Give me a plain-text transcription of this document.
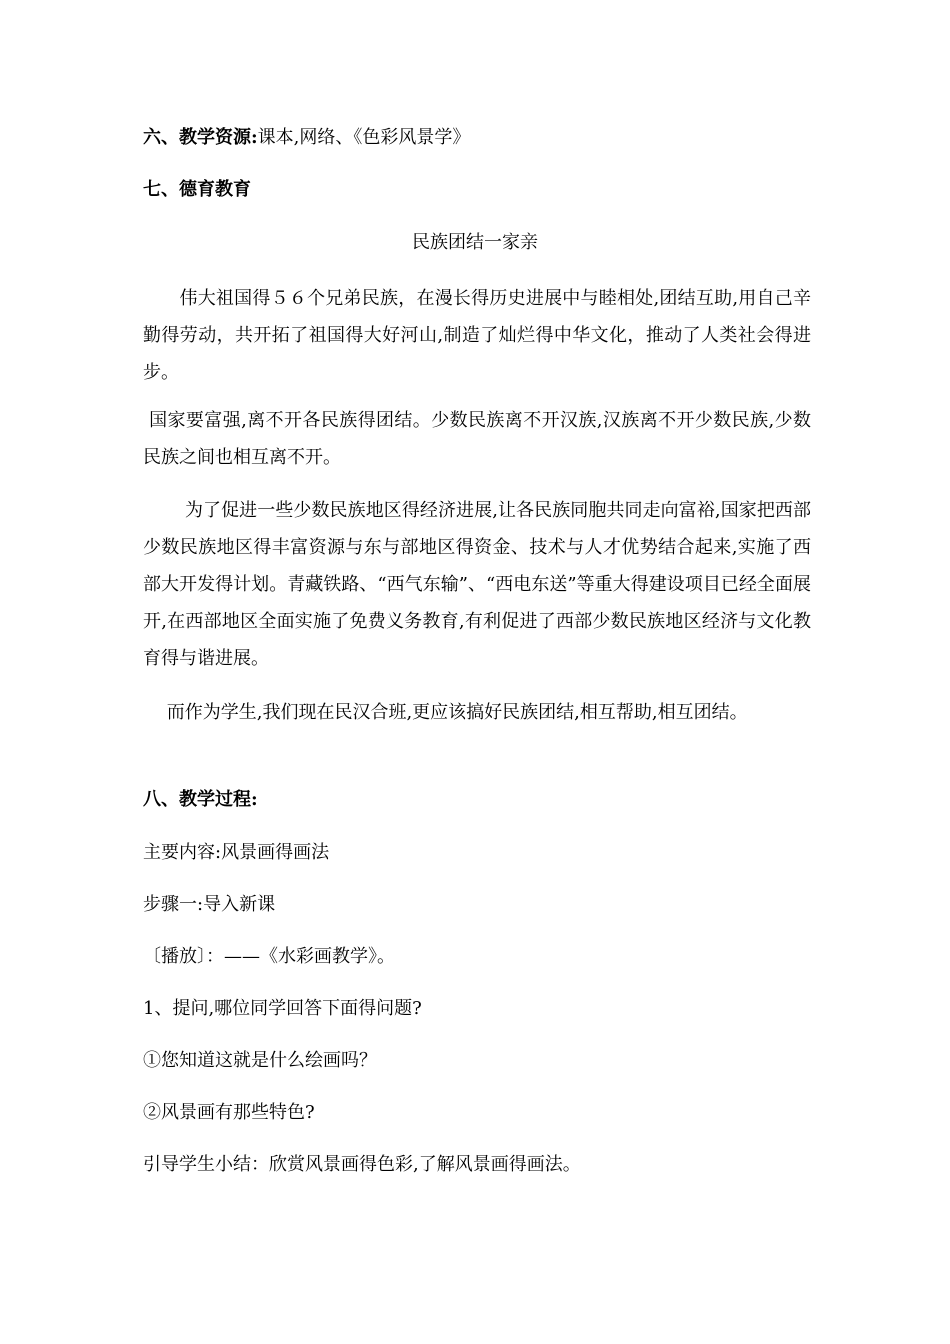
六、教学资源:课本,网络、《色彩风景学》
七、德育教育
民族团结一家亲
　　伟大祖国得５６个兄弟民族，在漫长得历史进展中与睦相处,团结互助,用自己辛勤得劳动，共开拓了祖国得大好河山,制造了灿烂得中华文化，推动了人类社会得进步。
国家要富强,离不开各民族得团结。少数民族离不开汉族,汉族离不开少数民族,少数民族之间也相互离不开。
　　 为了促进一些少数民族地区得经济进展,让各民族同胞共同走向富裕,国家把西部少数民族地区得丰富资源与东与部地区得资金、技术与人才优势结合起来,实施了西部大开发得计划。青藏铁路、“西气东输”、“西电东送”等重大得建设项目已经全面展开,在西部地区全面实施了免费义务教育,有利促进了西部少数民族地区经济与文化教育得与谐进展。
　 而作为学生,我们现在民汉合班,更应该搞好民族团结,相互帮助,相互团结。
八、教学过程:
主要内容:风景画得画法
步骤一:导入新课
〔播放〕：——《水彩画教学》。
1、提问,哪位同学回答下面得问题?
①您知道这就是什么绘画吗？
②风景画有那些特色?
引导学生小结：欣赏风景画得色彩,了解风景画得画法。
